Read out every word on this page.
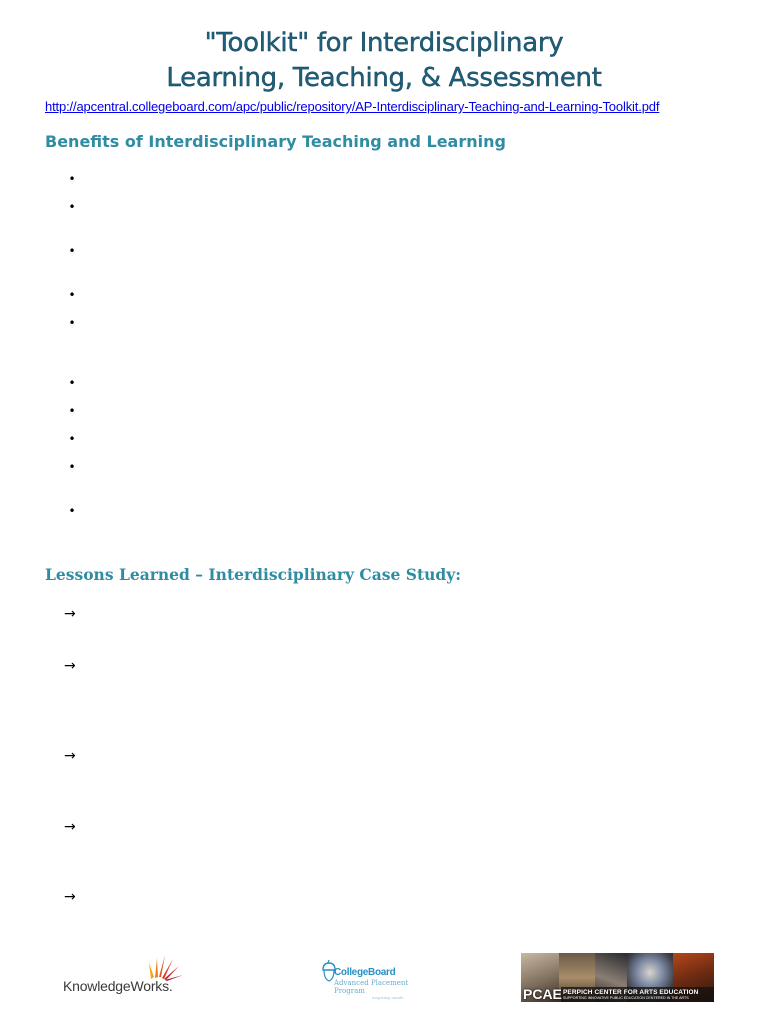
"Toolkit" for Interdisciplinary
Learning, Teaching, & Assessment
http://apcentral.collegeboard.com/apc/public/repository/AP-Interdisciplinary-Teaching-and-Learning-Toolkit.pdf
Benefits of Interdisciplinary Teaching and Learning
•
•
•
•
•
•
•
•
•
•
Lessons Learned – Interdisciplinary Case Study:
→
→
→
→
→
KnowledgeWorks.
CollegeBoard
Advanced Placement
Program
inspiring minds	PCAE PERPICH CENTER FOR ARTS EDUCATION
SUPPORTING INNOVATIVE PUBLIC EDUCATION CENTERED IN THE ARTS
